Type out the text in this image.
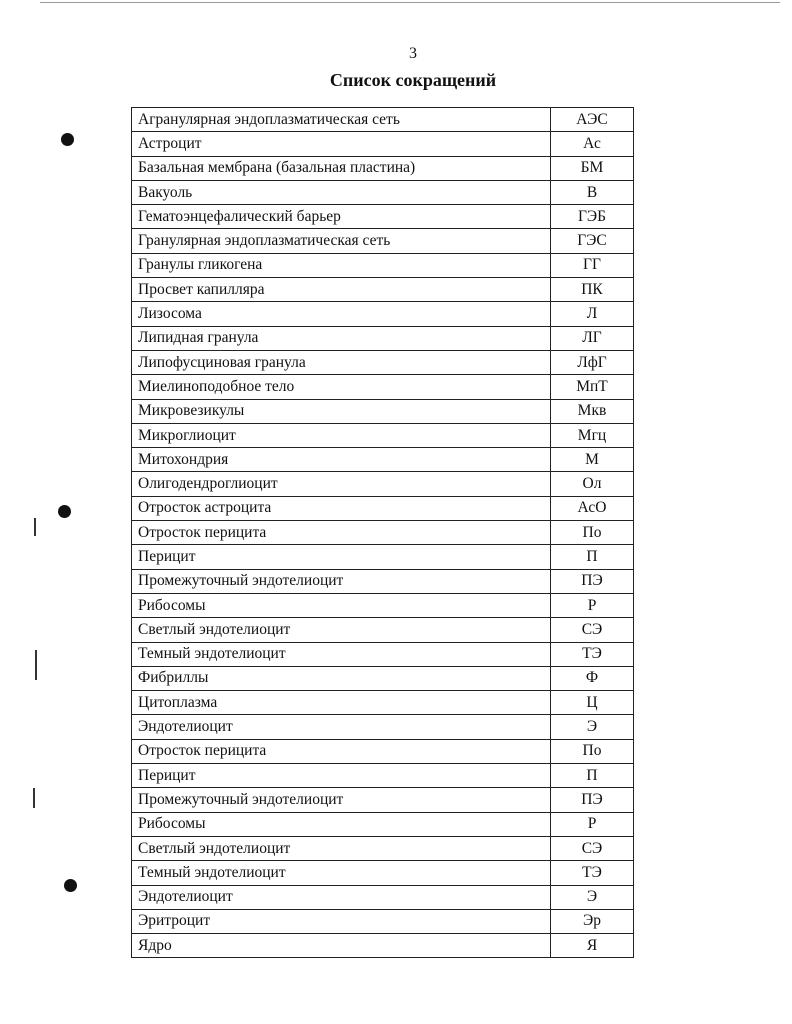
3
Список сокращений
Агранулярная эндоплазматическая сеть	АЭС
Астроцит	Ас
Базальная мембрана (базальная пластина)	БМ
Вакуоль	В
Гематоэнцефалический барьер	ГЭБ
Гранулярная эндоплазматическая сеть	ГЭС
Гранулы гликогена	ГГ
Просвет капилляра	ПК
Лизосома	Л
Липидная гранула	ЛГ
Липофусциновая гранула	ЛфГ
Миелиноподобное тело	МпТ
Микровезикулы	Мкв
Микроглиоцит	Мгц
Митохондрия	М
Олигодендроглиоцит	Ол
Отросток астроцита	АсО
Отросток перицита	По
Перицит	П
Промежуточный эндотелиоцит	ПЭ
Рибосомы	Р
Светлый эндотелиоцит	СЭ
Темный эндотелиоцит	ТЭ
Фибриллы	Ф
Цитоплазма	Ц
Эндотелиоцит	Э
Отросток перицита	По
Перицит	П
Промежуточный эндотелиоцит	ПЭ
Рибосомы	Р
Светлый эндотелиоцит	СЭ
Темный эндотелиоцит	ТЭ
Эндотелиоцит	Э
Эритроцит	Эр
Ядро	Я
